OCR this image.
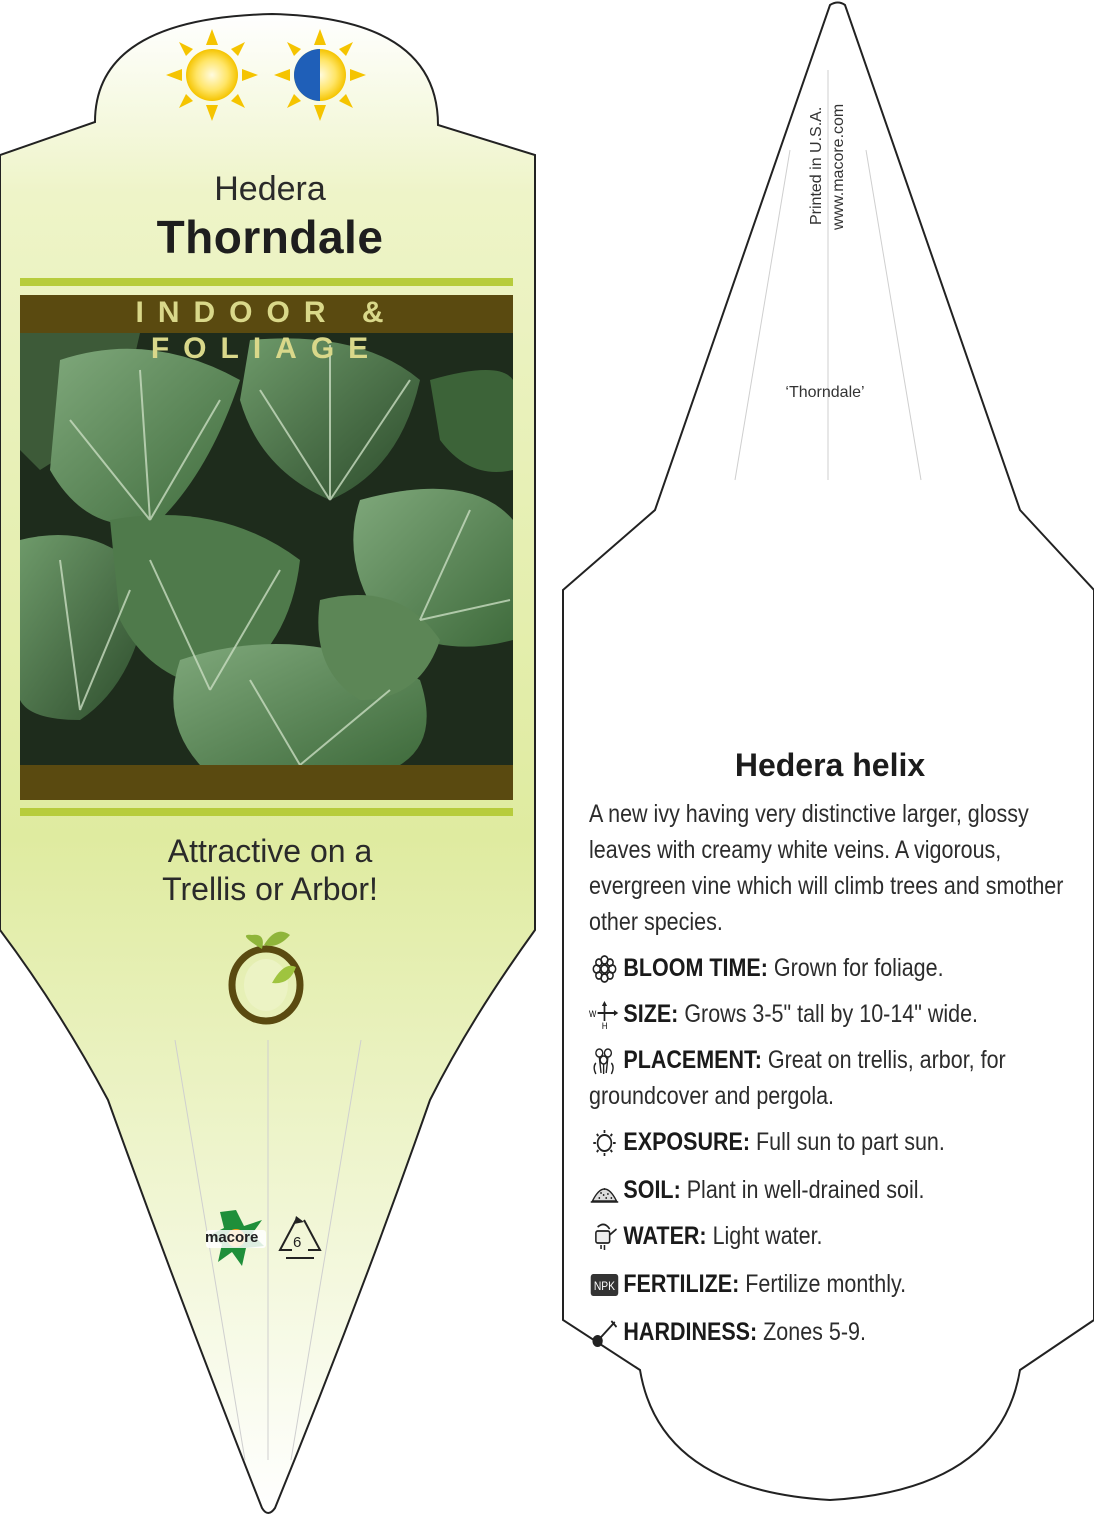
Hedera
Thorndale
INDOOR & FOLIAGE
Attractive on a
Trellis or Arbor!
macore 6
Printed in U.S.A. www.macore.com
‘Thorndale’
Hedera helix
A new ivy having very distinctive larger, glossy
leaves with creamy white veins. A vigorous,
evergreen vine which will climb trees and smother
other species.
BLOOM TIME: Grown for foliage.
W
H SIZE: Grows 3-5" tall by 10-14" wide.
PLACEMENT: Great on trellis, arbor, for
groundcover and pergola.
EXPOSURE: Full sun to part sun.
SOIL: Plant in well-drained soil.
WATER: Light water.
NPK FERTILIZE: Fertilize monthly.
HARDINESS: Zones 5-9.
